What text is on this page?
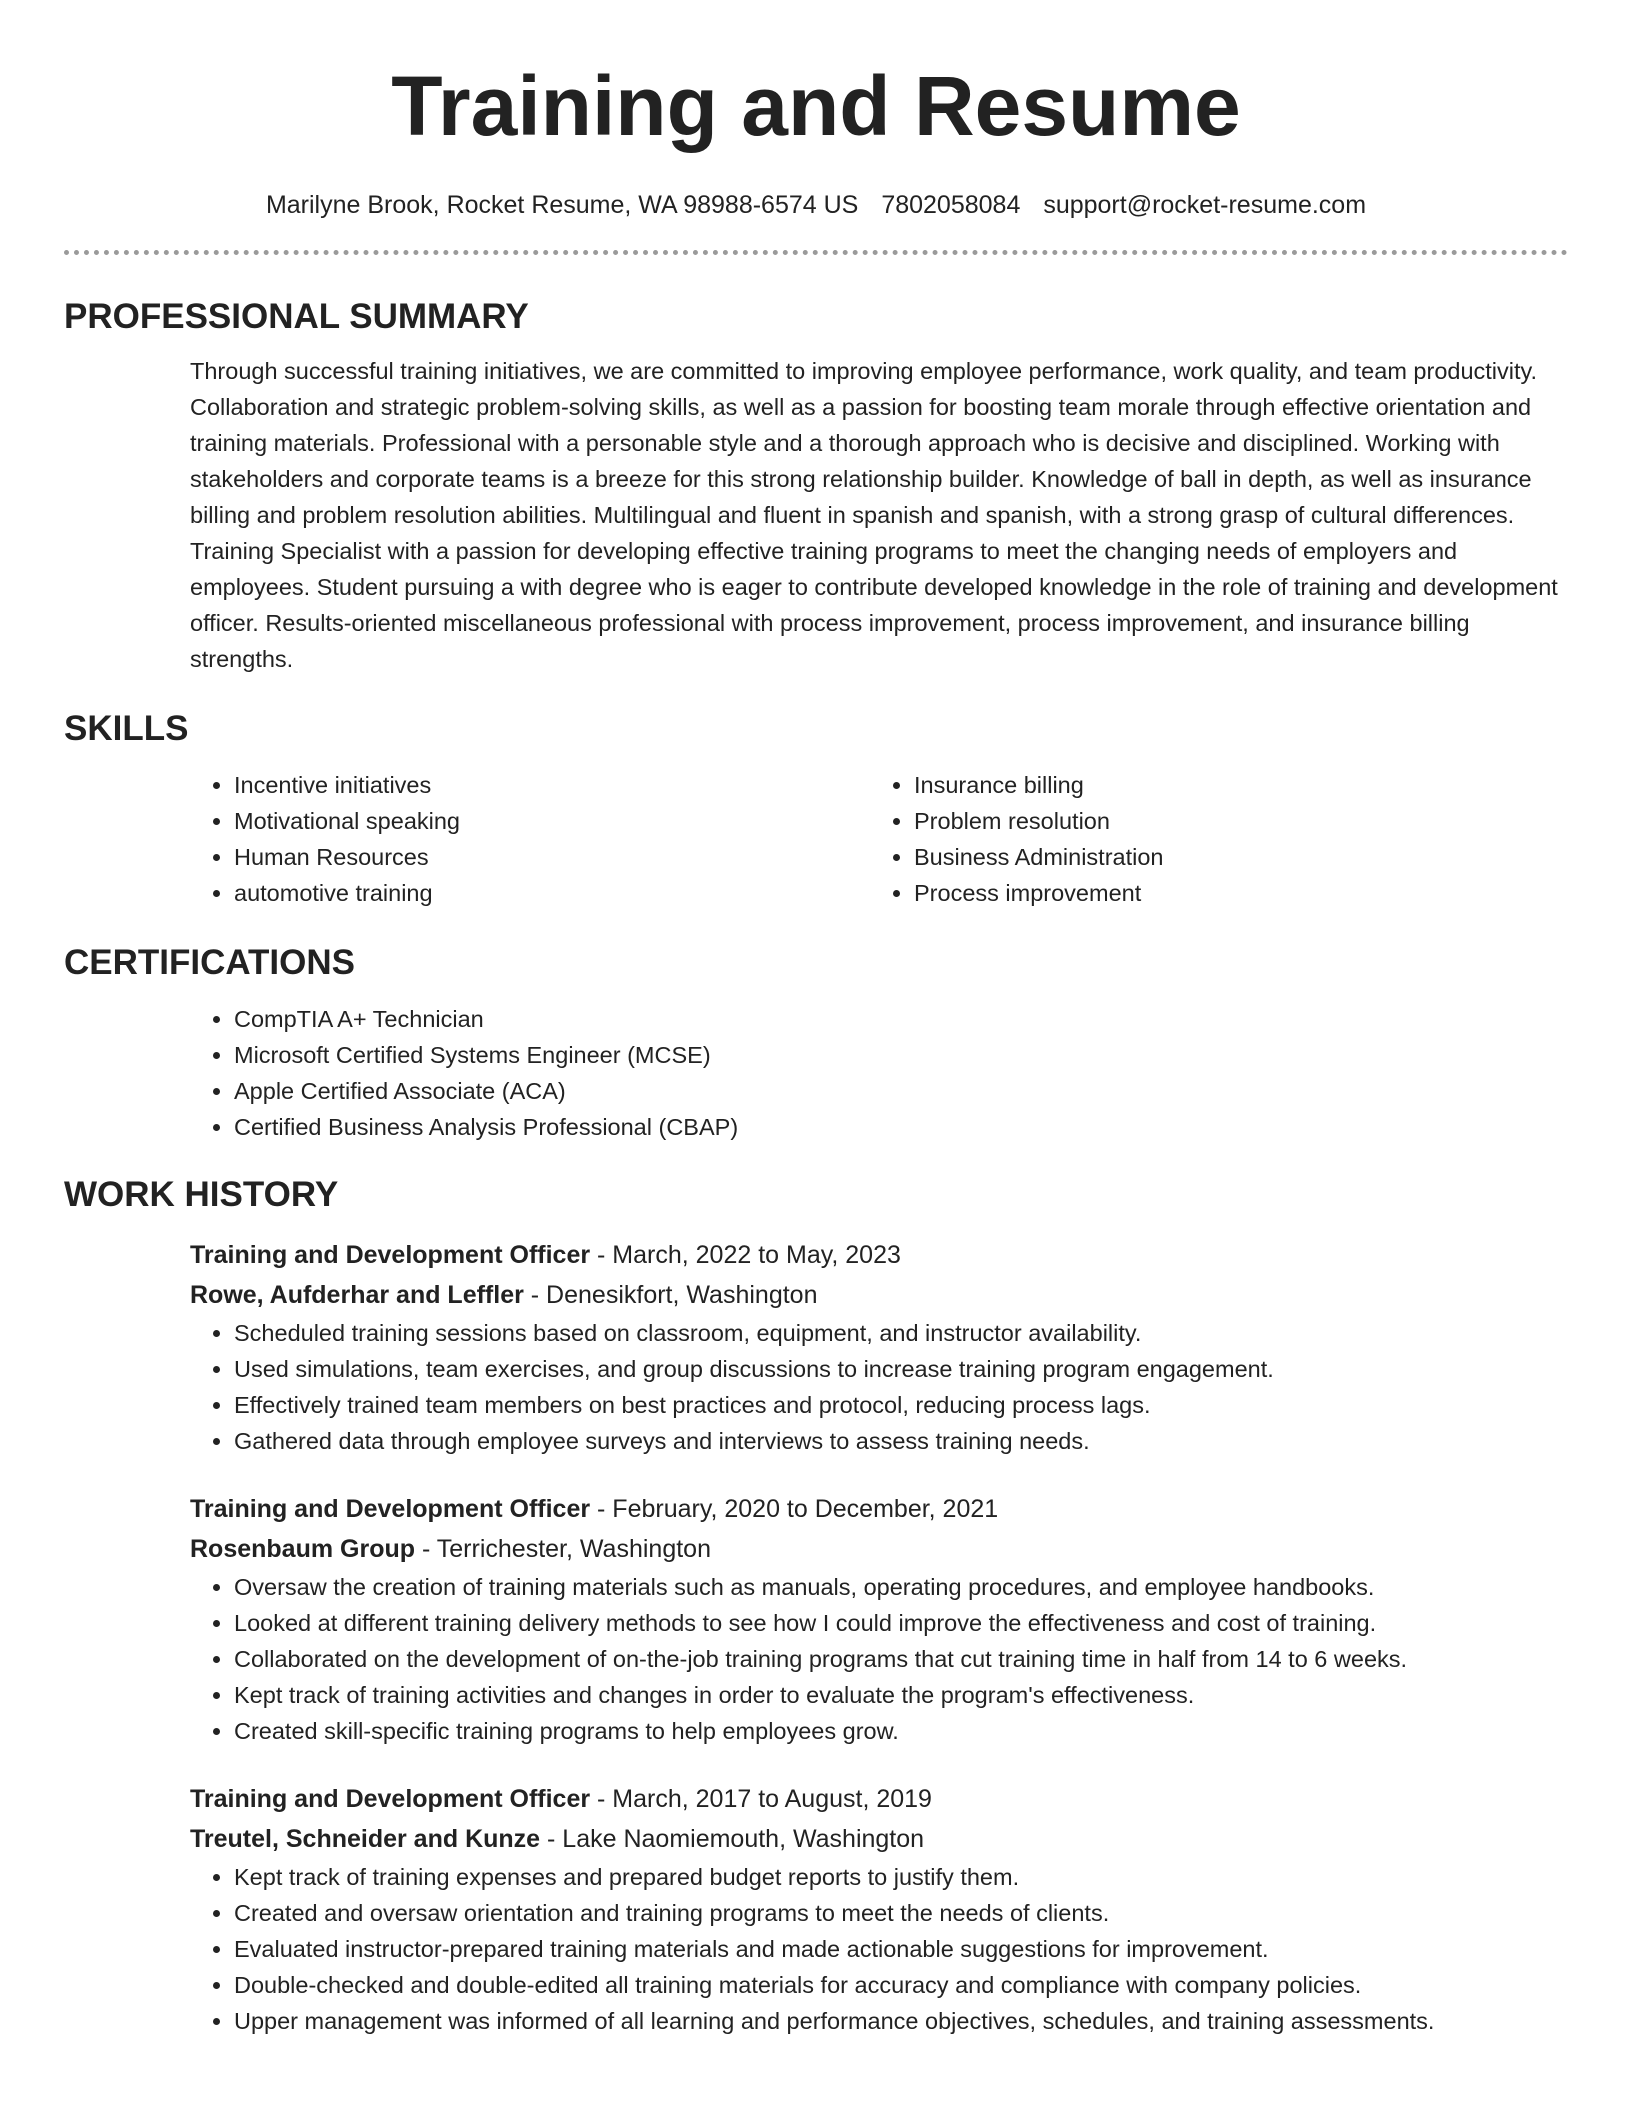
Training and Resume
Marilyne Brook, Rocket Resume, WA 98988-6574 US 7802058084 support@rocket-resume.com
PROFESSIONAL SUMMARY

Through successful training initiatives, we are committed to improving employee performance, work quality, and team productivity. Collaboration and strategic problem-solving skills, as well as a passion for boosting team morale through effective orientation and training materials. Professional with a personable style and a thorough approach who is decisive and disciplined. Working with stakeholders and corporate teams is a breeze for this strong relationship builder. Knowledge of ball in depth, as well as insurance billing and problem resolution abilities. Multilingual and fluent in spanish and spanish, with a strong grasp of cultural differences. Training Specialist with a passion for developing effective training programs to meet the changing needs of employers and employees. Student pursuing a with degree who is eager to contribute developed knowledge in the role of training and development officer. Results-oriented miscellaneous professional with process improvement, process improvement, and insurance billing strengths.

SKILLS
• Incentive initiatives
• Motivational speaking
• Human Resources
• automotive training
• Insurance billing
• Problem resolution
• Business Administration
• Process improvement
CERTIFICATIONS
• CompTIA A+ Technician
• Microsoft Certified Systems Engineer (MCSE)
• Apple Certified Associate (ACA)
• Certified Business Analysis Professional (CBAP)
WORK HISTORY
Training and Development Officer - March, 2022 to May, 2023
Rowe, Aufderhar and Leffler - Denesikfort, Washington
• Scheduled training sessions based on classroom, equipment, and instructor availability.
• Used simulations, team exercises, and group discussions to increase training program engagement.
• Effectively trained team members on best practices and protocol, reducing process lags.
• Gathered data through employee surveys and interviews to assess training needs.
Training and Development Officer - February, 2020 to December, 2021
Rosenbaum Group - Terrichester, Washington
• Oversaw the creation of training materials such as manuals, operating procedures, and employee handbooks.
• Looked at different training delivery methods to see how I could improve the effectiveness and cost of training.
• Collaborated on the development of on-the-job training programs that cut training time in half from 14 to 6 weeks.
• Kept track of training activities and changes in order to evaluate the program's effectiveness.
• Created skill-specific training programs to help employees grow.
Training and Development Officer - March, 2017 to August, 2019
Treutel, Schneider and Kunze - Lake Naomiemouth, Washington
• Kept track of training expenses and prepared budget reports to justify them.
• Created and oversaw orientation and training programs to meet the needs of clients.
• Evaluated instructor-prepared training materials and made actionable suggestions for improvement.
• Double-checked and double-edited all training materials for accuracy and compliance with company policies.
• Upper management was informed of all learning and performance objectives, schedules, and training assessments.
